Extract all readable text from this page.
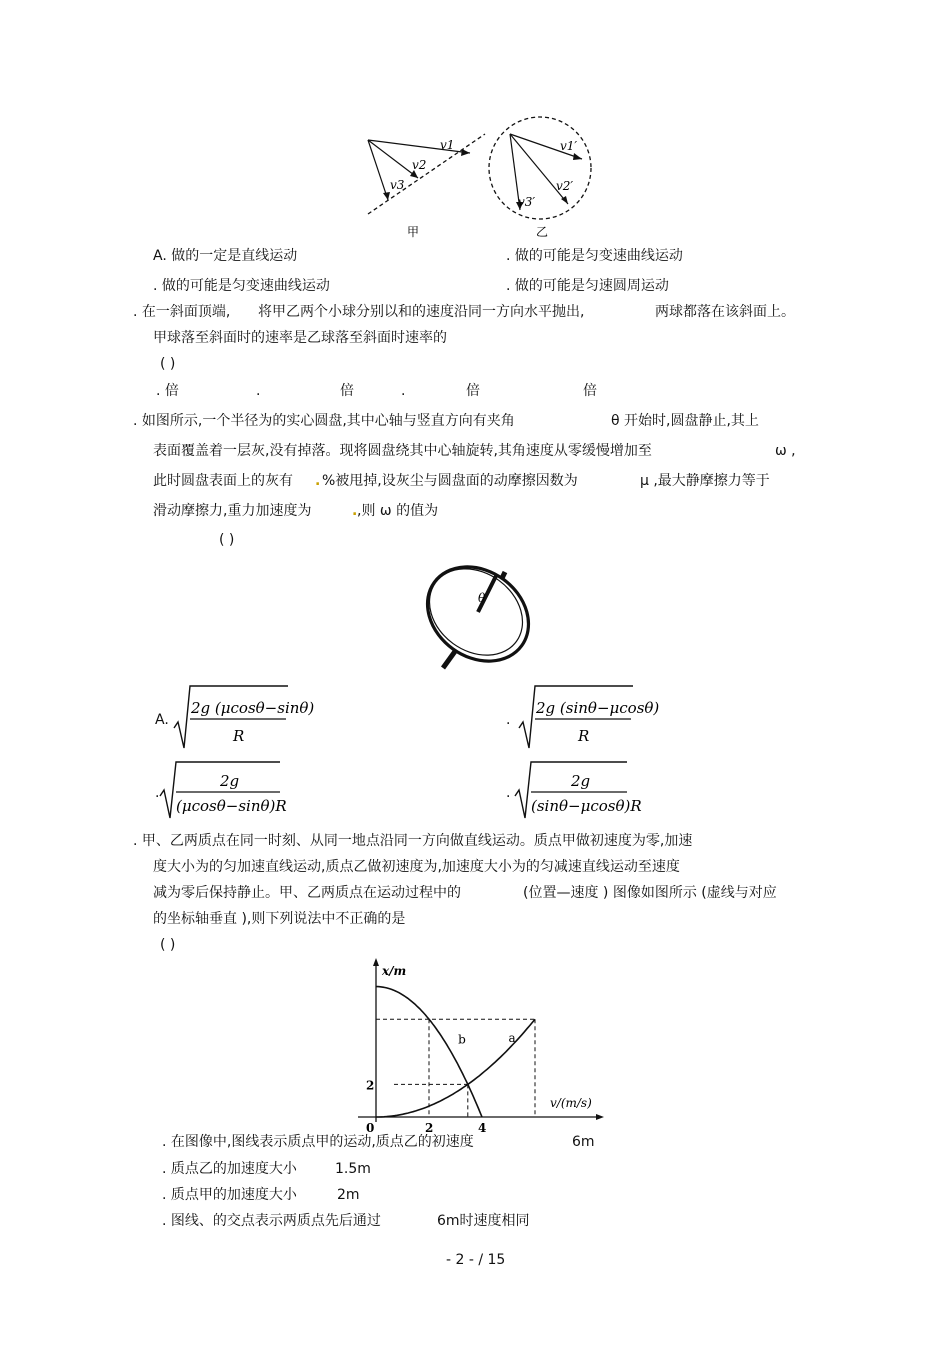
v1
v2
v3
甲
v1′
v2′
v3′
乙
A. 做的一定是直线运动	. 做的可能是匀变速曲线运动
. 做的可能是匀变速曲线运动	. 做的可能是匀速圆周运动
. 在一斜面顶端, 将甲乙两个小球分别以和的速度沿同一方向水平抛出,	两球都落在该斜面上。
甲球落至斜面时的速率是乙球落至斜面时速率的
( )
. 倍	.	倍	.	倍	倍
. 如图所示,一个半径为的实心圆盘,其中心轴与竖直方向有夹角	θ 开始时,圆盘静止,其上
表面覆盖着一层灰,没有掉落。现将圆盘绕其中心轴旋转,其角速度从零缓慢增加至	ω ,
此时圆盘表面上的灰有 . %被甩掉,设灰尘与圆盘面的动摩擦因数为	μ ,最大静摩擦力等于
滑动摩擦力,重力加速度为	. ,则 ω 的值为
( )
θ
A.
2g (μcosθ−sinθ)
R
.
2g (sinθ−μcosθ)
R
.
2g
(μcosθ−sinθ)R
.
2g
(sinθ−μcosθ)R
. 甲、乙两质点在同一时刻、从同一地点沿同一方向做直线运动。质点甲做初速度为零,加速
度大小为的匀加速直线运动,质点乙做初速度为,加速度大小为的匀减速直线运动至速度
减为零后保持静止。甲、乙两质点在运动过程中的	(位置—速度 ) 图像如图所示 (虚线与对应
的坐标轴垂直 ),则下列说法中不正确的是
( )
x/m
v/(m/s)
a
b
0	2	4
2
. 在图像中,图线表示质点甲的运动,质点乙的初速度	6m
. 质点乙的加速度大小	1.5m
. 质点甲的加速度大小	2m
. 图线、的交点表示两质点先后通过	6m时速度相同
- 2 - / 15
